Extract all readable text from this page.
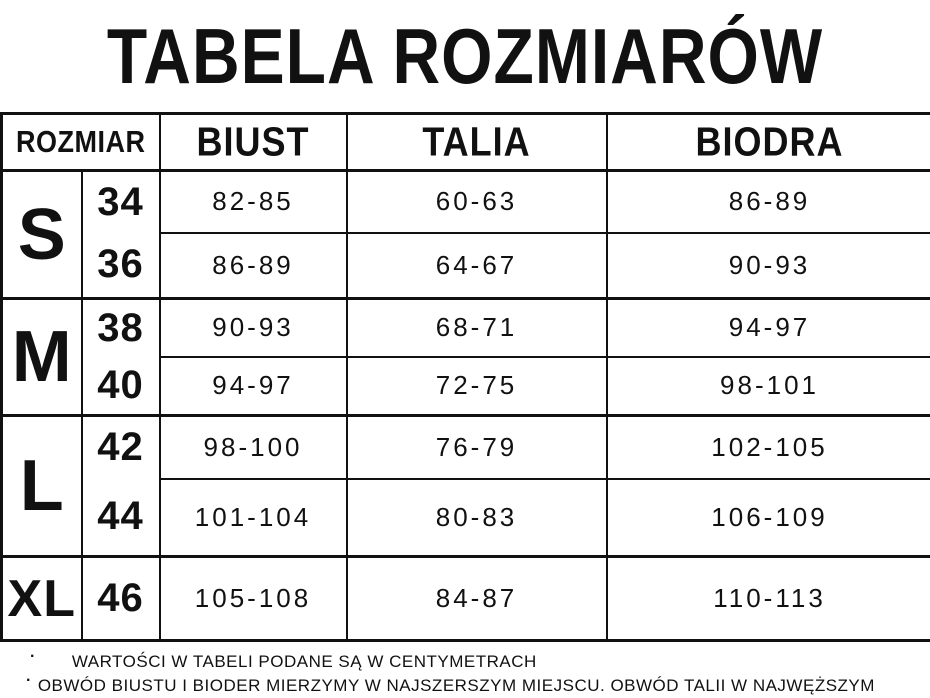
TABELA ROZMIARÓW
ROZMIAR		BIUST	TALIA	BIODRA
S	34	82-85	60-63	86-89
	36	86-89	64-67	90-93
M	38	90-93	68-71	94-97
	40	94-97	72-75	98-101
L	42	98-100	76-79	102-105
	44	101-104	80-83	106-109
XL	46	105-108	84-87	110-113
· WARTOŚCI W TABELI PODANE SĄ W CENTYMETRACH
· OBWÓD BIUSTU I BIODER MIERZYMY W NAJSZERSZYM MIEJSCU. OBWÓD TALII W NAJWĘŻSZYM
